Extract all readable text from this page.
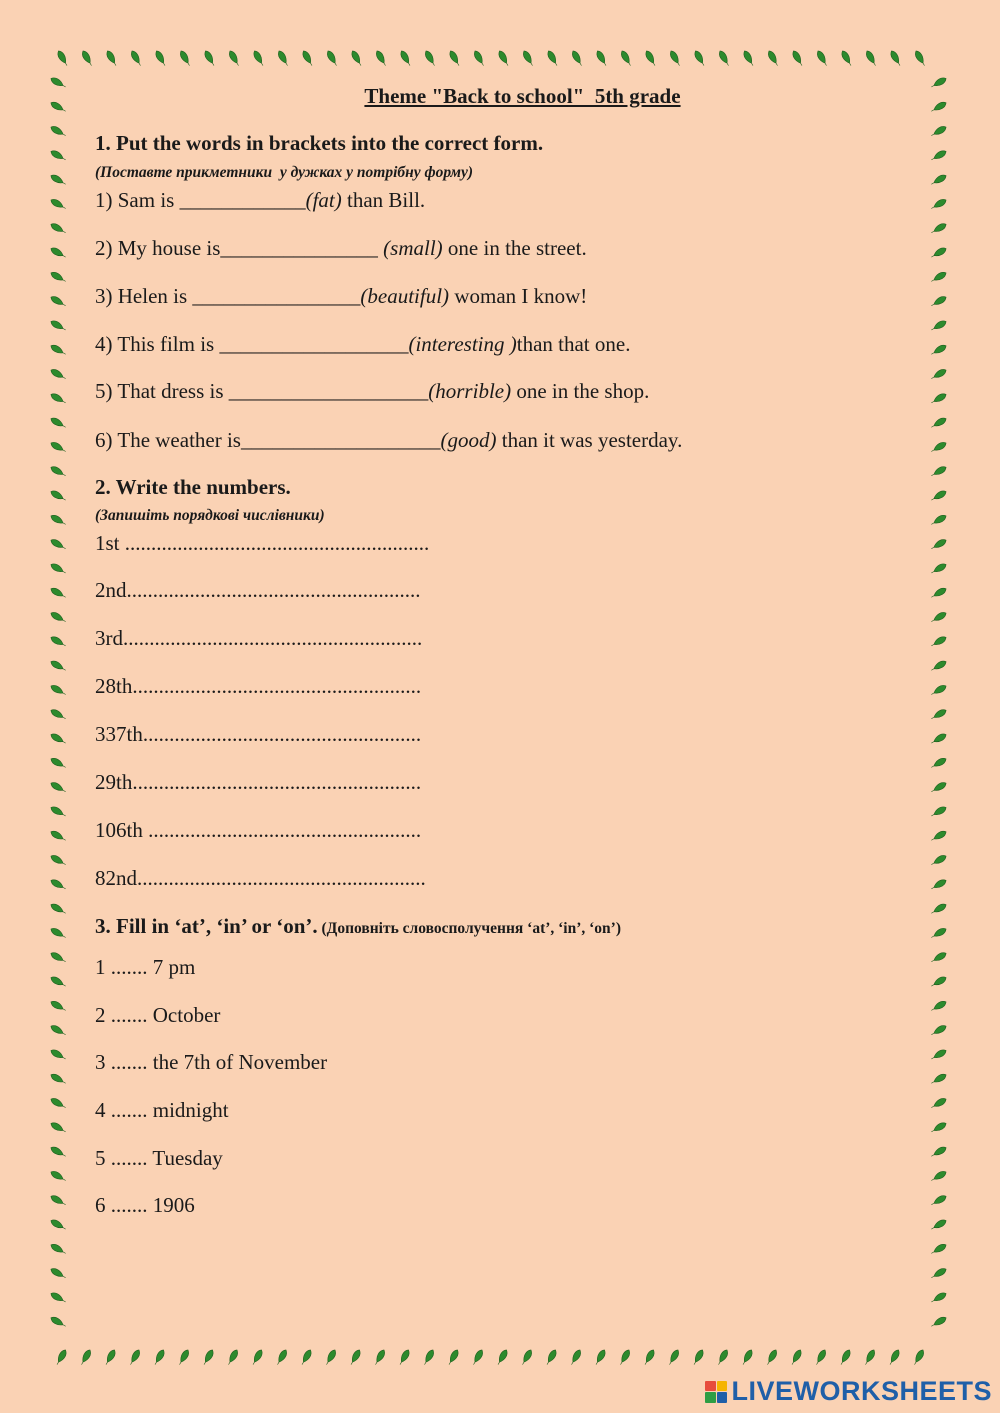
Theme "Back to school"  5th grade
1. Put the words in brackets into the correct form.
(Поставте прикметники  у дужках у потрібну форму)
1) Sam is ____________(fat) than Bill.
2) My house is_______________ (small) one in the street.
3) Helen is ________________(beautiful) woman I know!
4) This film is __________________(interesting )than that one.
5) That dress is ___________________(horrible) one in the shop.
6) The weather is___________________(good) than it was yesterday.
2. Write the numbers.
(Запишіть порядкові числівники)
1st ..........................................................
2nd........................................................
3rd.........................................................
28th.......................................................
337th.....................................................
29th.......................................................
106th ....................................................
82nd.......................................................
3. Fill in ‘at’, ‘in’ or ‘on’. (Доповніть словосполучення ‘at’, ‘in’, ‘on’)
1 ....... 7 pm
2 ....... October
3 ....... the 7th of November
4 ....... midnight
5 ....... Tuesday
6 ....... 1906
LIVEWORKSHEETS
